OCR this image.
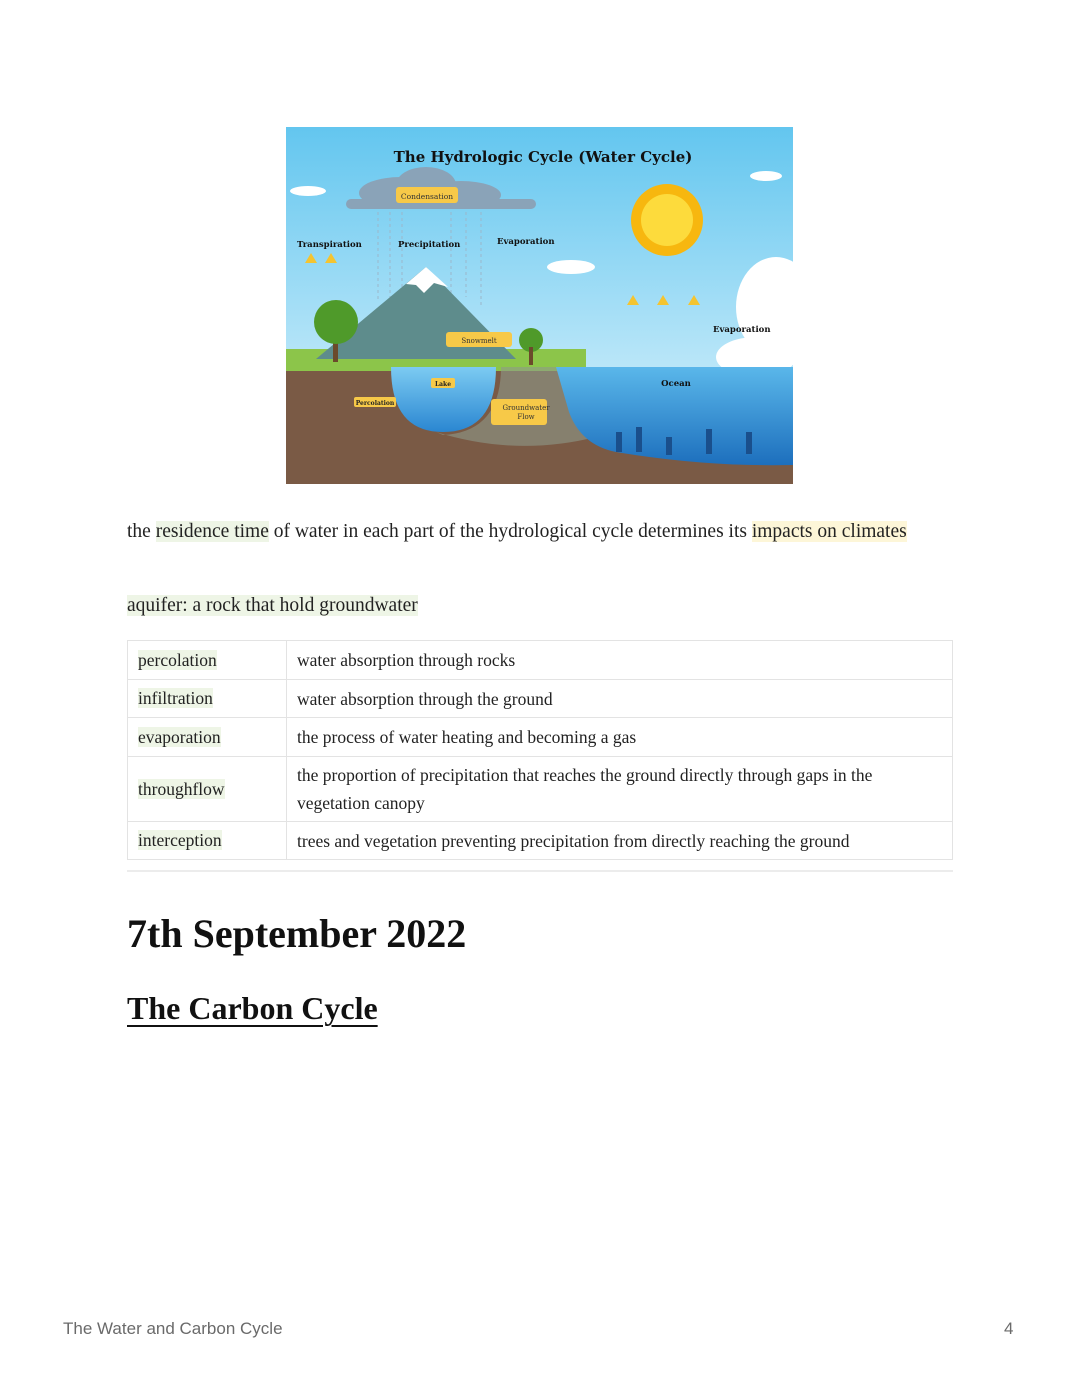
The Hydrologic Cycle (Water Cycle)
Condensation
Transpiration	Precipitation	Evaporation
Evaporation
Snowmelt
Lake
Percolation
Groundwater
Flow
Ocean

the residence time of water in each part of the hydrological cycle determines its impacts on climates

aquifer: a rock that hold groundwater

percolation	water absorption through rocks
infiltration	water absorption through the ground
evaporation	the process of water heating and becoming a gas
throughflow	the proportion of precipitation that reaches the ground directly through gaps in the vegetation canopy
interception	trees and vegetation preventing precipitation from directly reaching the ground
7th September 2022
The Carbon Cycle
The Water and Carbon Cycle	4
